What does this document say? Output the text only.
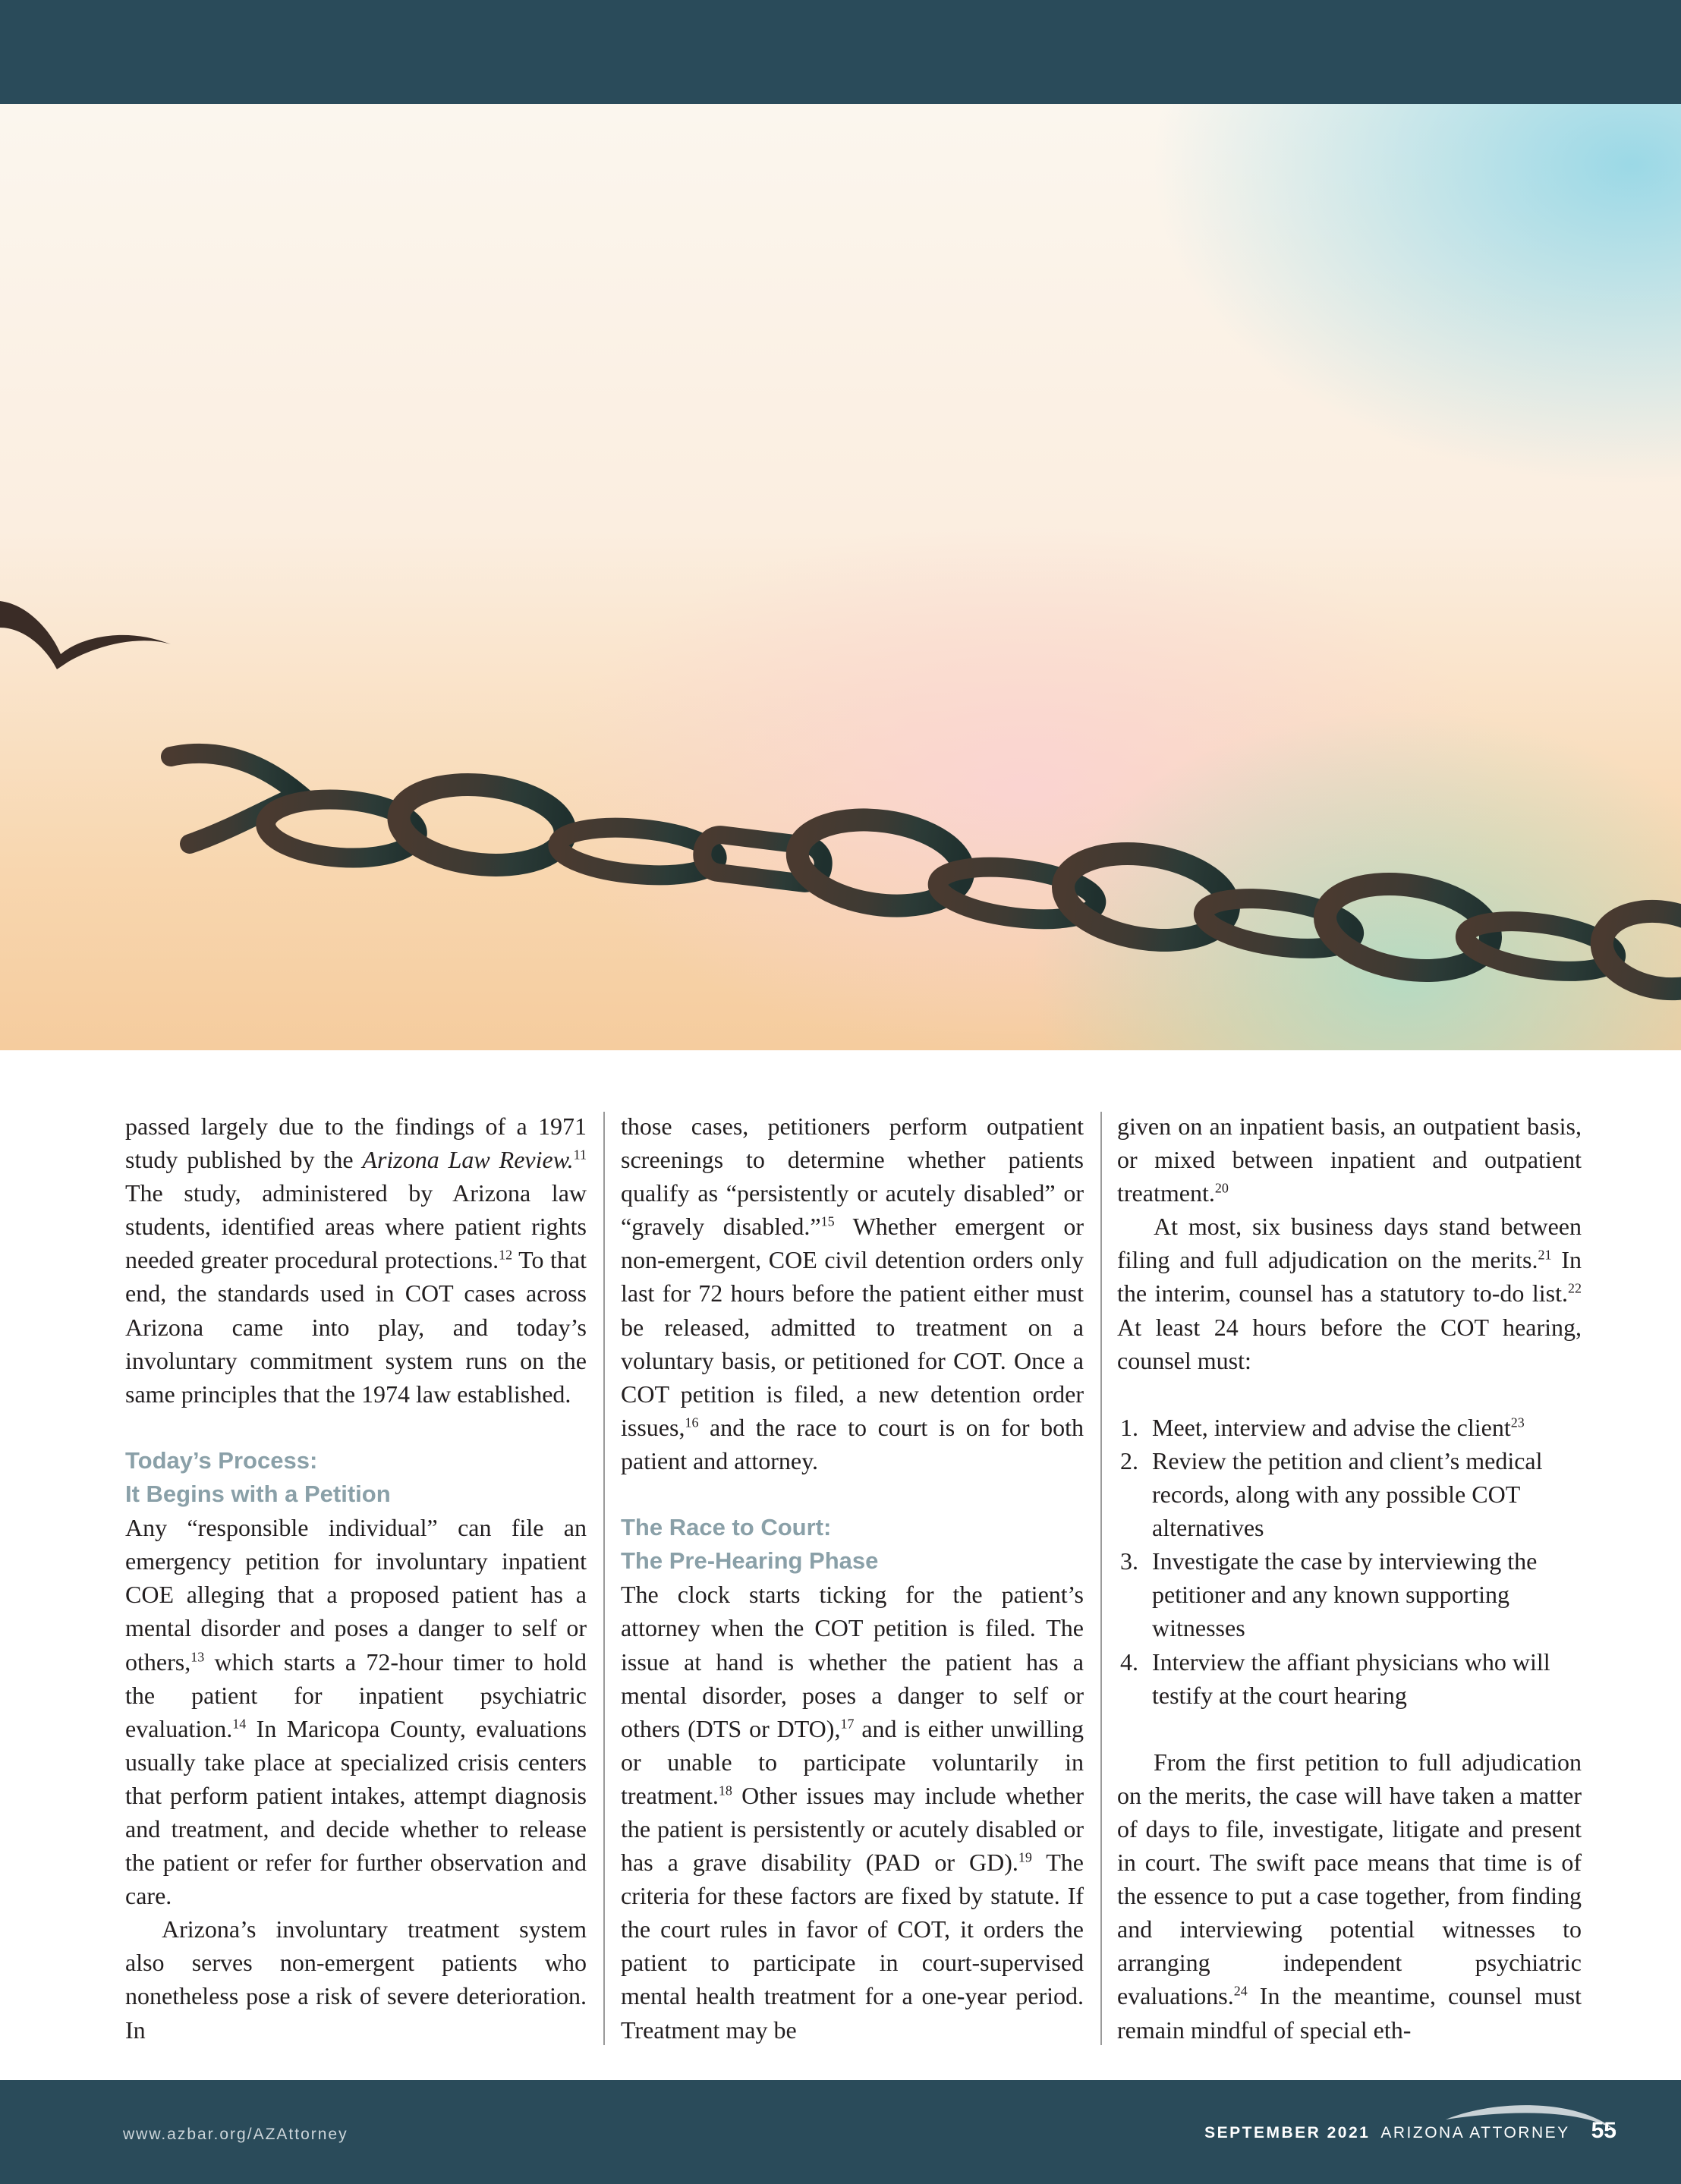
passed largely due to the findings of a 1971 study published by the Arizona Law Review.$^{11}$ The study, administered by Arizona law students, identified areas where patient rights needed greater procedural protections.$^{12}$ To that end, the standards used in COT cases across Arizona came into play, and today’s involuntary commitment system runs on the same principles that the 1974 law established.

Today’s Process:

It Begins with a Petition

Any “responsible individual” can file an emergency petition for involuntary inpatient COE alleging that a proposed patient has a mental disorder and poses a danger to self or others,$^{13}$ which starts a 72-hour timer to hold the patient for inpatient psychiatric evaluation.$^{14}$ In Maricopa County, evaluations usually take place at specialized crisis centers that perform patient intakes, attempt diagnosis and treatment, and decide whether to release the patient or refer for further observation and care.

Arizona’s involuntary treatment system also serves non-emergent patients who nonetheless pose a risk of severe deterioration. In

those cases, petitioners perform outpatient screenings to determine whether patients qualify as “persistently or acutely disabled” or “gravely disabled.”$^{15}$ Whether emergent or non-emergent, COE civil detention orders only last for 72 hours before the patient either must be released, admitted to treatment on a voluntary basis, or petitioned for COT. Once a COT petition is filed, a new detention order issues,$^{16}$ and the race to court is on for both patient and attorney.

The Race to Court:

The Pre-Hearing Phase

The clock starts ticking for the patient’s attorney when the COT petition is filed. The issue at hand is whether the patient has a mental disorder, poses a danger to self or others (DTS or DTO),$^{17}$ and is either unwilling or unable to participate voluntarily in treatment.$^{18}$ Other issues may include whether the patient is persistently or acutely disabled or has a grave disability (PAD or GD).$^{19}$ The criteria for these factors are fixed by statute. If the court rules in favor of COT, it orders the patient to participate in court-supervised mental health treatment for a one-year period. Treatment may be

given on an inpatient basis, an outpatient basis, or mixed between inpatient and outpatient treatment.$^{20}$

At most, six business days stand between filing and full adjudication on the merits.$^{21}$ In the interim, counsel has a statutory to-do list.$^{22}$ At least 24 hours before the COT hearing, counsel must:

1. Meet, interview and advise the client$^{23}$
2. Review the petition and client’s medical records, along with any possible COT alternatives
3. Investigate the case by interviewing the petitioner and any known supporting witnesses
4. Interview the affiant physicians who will testify at the court hearing

From the first petition to full adjudication on the merits, the case will have taken a matter of days to file, investigate, litigate and present in court. The swift pace means that time is of the essence to put a case together, from finding and interviewing potential witnesses to arranging independent psychiatric evaluations.$^{24}$ In the meantime, counsel must remain mindful of special eth-

www.azbar.org/AZAttorney	SEPTEMBER 2021 ARIZONA ATTORNEY 55
